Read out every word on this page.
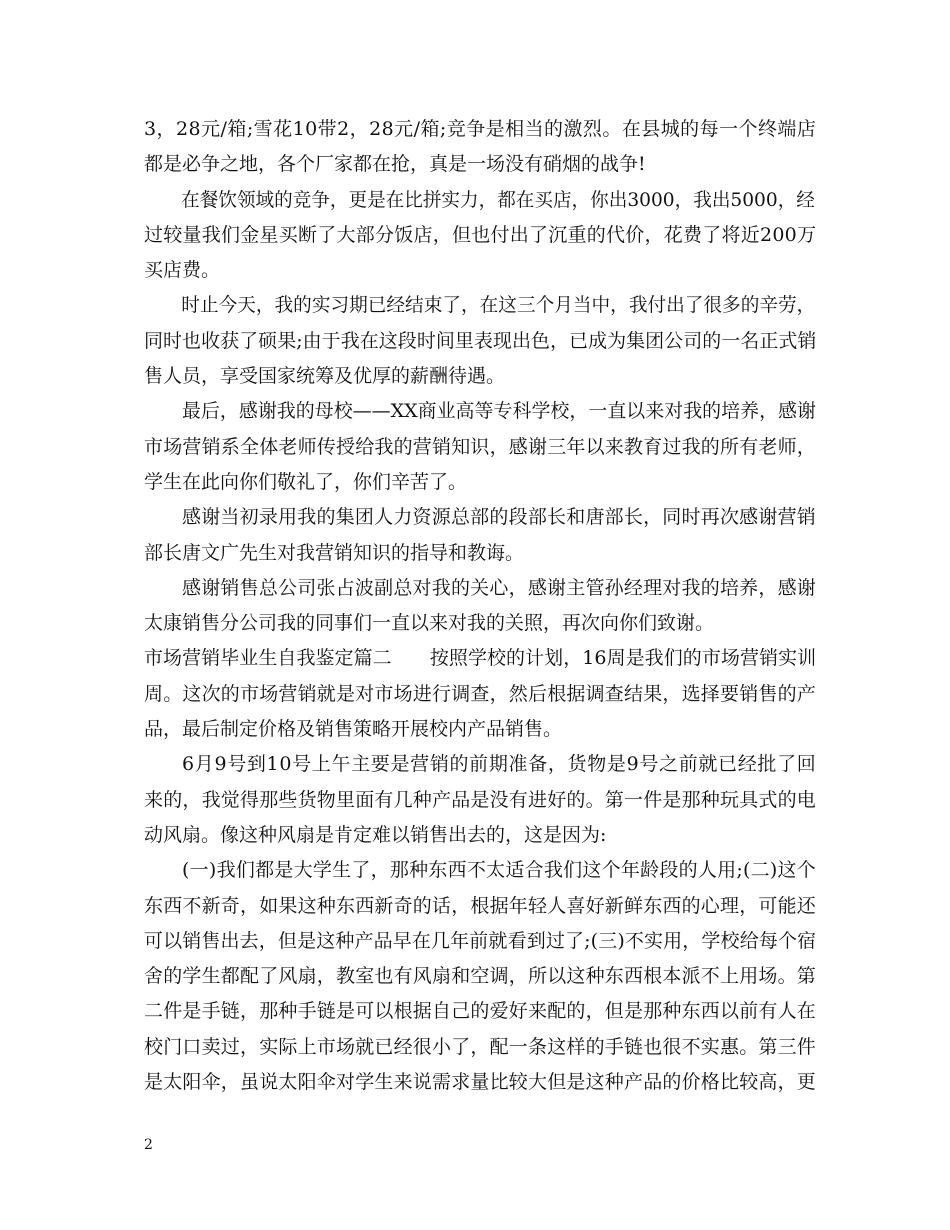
3，28元/箱;雪花10带2，28元/箱;竞争是相当的激烈。在县城的每一个终端店
都是必争之地，各个厂家都在抢，真是一场没有硝烟的战争!
在餐饮领域的竞争，更是在比拼实力，都在买店，你出3000，我出5000，经
过较量我们金星买断了大部分饭店，但也付出了沉重的代价，花费了将近200万
买店费。
时止今天，我的实习期已经结束了，在这三个月当中，我付出了很多的辛劳，
同时也收获了硕果;由于我在这段时间里表现出色，已成为集团公司的一名正式销
售人员，享受国家统筹及优厚的薪酬待遇。
最后，感谢我的母校——XX商业高等专科学校，一直以来对我的培养，感谢
市场营销系全体老师传授给我的营销知识，感谢三年以来教育过我的所有老师，
学生在此向你们敬礼了，你们辛苦了。
感谢当初录用我的集团人力资源总部的段部长和唐部长，同时再次感谢营销
部长唐文广先生对我营销知识的指导和教诲。
感谢销售总公司张占波副总对我的关心，感谢主管孙经理对我的培养，感谢
太康销售分公司我的同事们一直以来对我的关照，再次向你们致谢。
市场营销毕业生自我鉴定篇二　　按照学校的计划，16周是我们的市场营销实训
周。这次的市场营销就是对市场进行调查，然后根据调查结果，选择要销售的产
品，最后制定价格及销售策略开展校内产品销售。
6月9号到10号上午主要是营销的前期准备，货物是9号之前就已经批了回
来的，我觉得那些货物里面有几种产品是没有进好的。第一件是那种玩具式的电
动风扇。像这种风扇是肯定难以销售出去的，这是因为:
(一)我们都是大学生了，那种东西不太适合我们这个年龄段的人用;(二)这个
东西不新奇，如果这种东西新奇的话，根据年轻人喜好新鲜东西的心理，可能还
可以销售出去，但是这种产品早在几年前就看到过了;(三)不实用，学校给每个宿
舍的学生都配了风扇，教室也有风扇和空调，所以这种东西根本派不上用场。第
二件是手链，那种手链是可以根据自己的爱好来配的，但是那种东西以前有人在
校门口卖过，实际上市场就已经很小了，配一条这样的手链也很不实惠。第三件
是太阳伞，虽说太阳伞对学生来说需求量比较大但是这种产品的价格比较高，更
2
